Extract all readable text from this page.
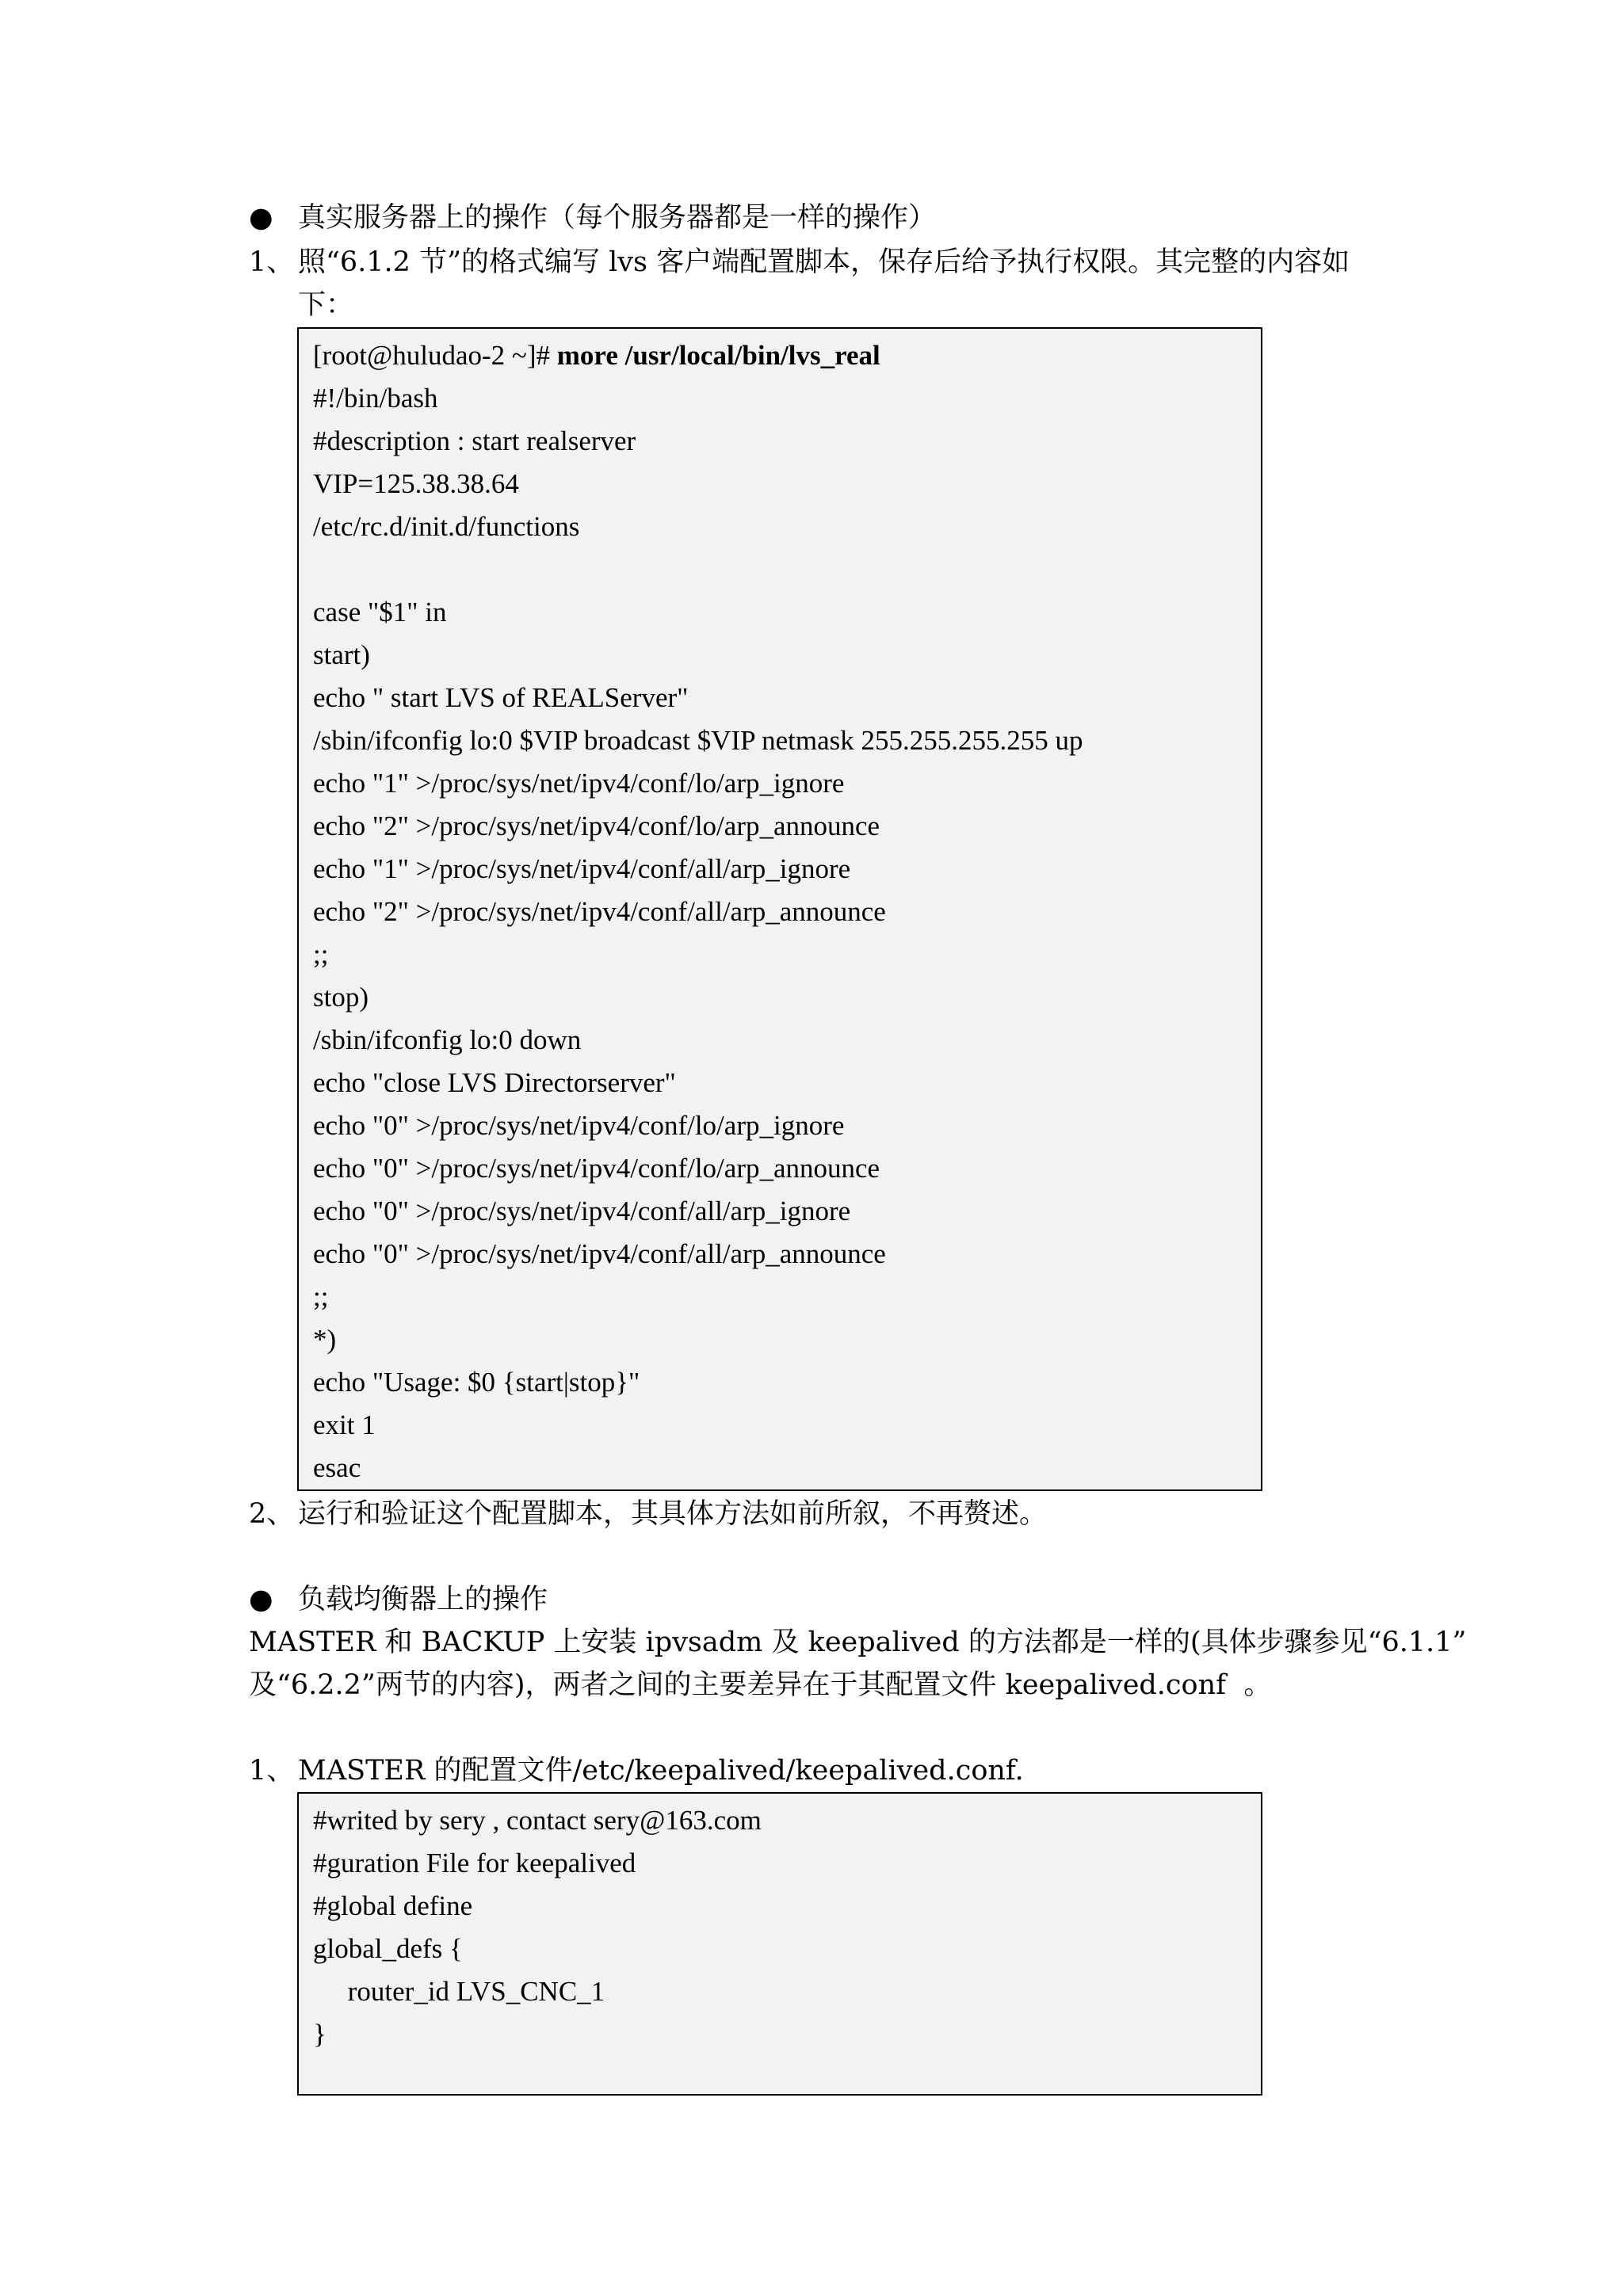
● 真实服务器上的操作（每个服务器都是一样的操作）
1、 照“6.1.2 节”的格式编写 lvs 客户端配置脚本，保存后给予执行权限。其完整的内容如
下：
[root@huludao-2 ~]# more /usr/local/bin/lvs_real
#!/bin/bash
#description : start realserver
VIP=125.38.38.64
/etc/rc.d/init.d/functions
case "$1" in
start)
echo " start LVS of REALServer"
/sbin/ifconfig lo:0 $VIP broadcast $VIP netmask 255.255.255.255 up
echo "1" >/proc/sys/net/ipv4/conf/lo/arp_ignore
echo "2" >/proc/sys/net/ipv4/conf/lo/arp_announce
echo "1" >/proc/sys/net/ipv4/conf/all/arp_ignore
echo "2" >/proc/sys/net/ipv4/conf/all/arp_announce
;;
stop)
/sbin/ifconfig lo:0 down
echo "close LVS Directorserver"
echo "0" >/proc/sys/net/ipv4/conf/lo/arp_ignore
echo "0" >/proc/sys/net/ipv4/conf/lo/arp_announce
echo "0" >/proc/sys/net/ipv4/conf/all/arp_ignore
echo "0" >/proc/sys/net/ipv4/conf/all/arp_announce
;;
*)
echo "Usage: $0 {start|stop}"
exit 1
esac
2、 运行和验证这个配置脚本，其具体方法如前所叙，不再赘述。
● 负载均衡器上的操作
MASTER 和 BACKUP 上安装 ipvsadm 及 keepalived 的方法都是一样的(具体步骤参见“6.1.1”
及“6.2.2”两节的内容)，两者之间的主要差异在于其配置文件 keepalived.conf  。
1、 MASTER 的配置文件/etc/keepalived/keepalived.conf.
#writed by sery , contact sery@163.com
#guration File for keepalived
#global define
global_defs {
router_id LVS_CNC_1
}
